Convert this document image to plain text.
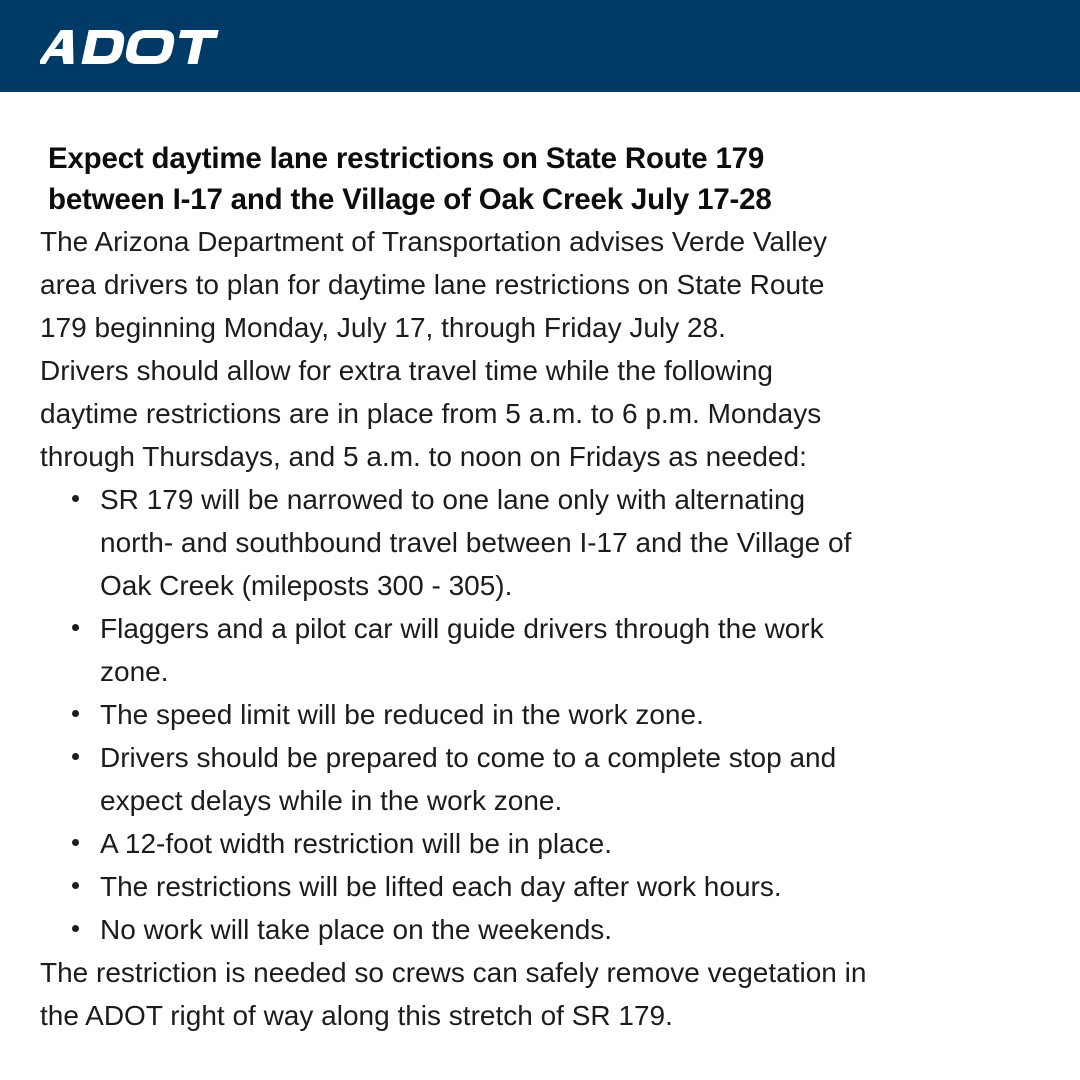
Expect daytime lane restrictions on State Route 179
between I-17 and the Village of Oak Creek July 17-28

The Arizona Department of Transportation advises Verde Valley
area drivers to plan for daytime lane restrictions on State Route
179 beginning Monday, July 17, through Friday July 28.

Drivers should allow for extra travel time while the following
daytime restrictions are in place from 5 a.m. to 6 p.m. Mondays
through Thursdays, and 5 a.m. to noon on Fridays as needed:

SR 179 will be narrowed to one lane only with alternating
north- and southbound travel between I-17 and the Village of
Oak Creek (mileposts 300 - 305).
Flaggers and a pilot car will guide drivers through the work
zone.
The speed limit will be reduced in the work zone.
Drivers should be prepared to come to a complete stop and
expect delays while in the work zone.
A 12-foot width restriction will be in place.
The restrictions will be lifted each day after work hours.
No work will take place on the weekends.

The restriction is needed so crews can safely remove vegetation in
the ADOT right of way along this stretch of SR 179.
